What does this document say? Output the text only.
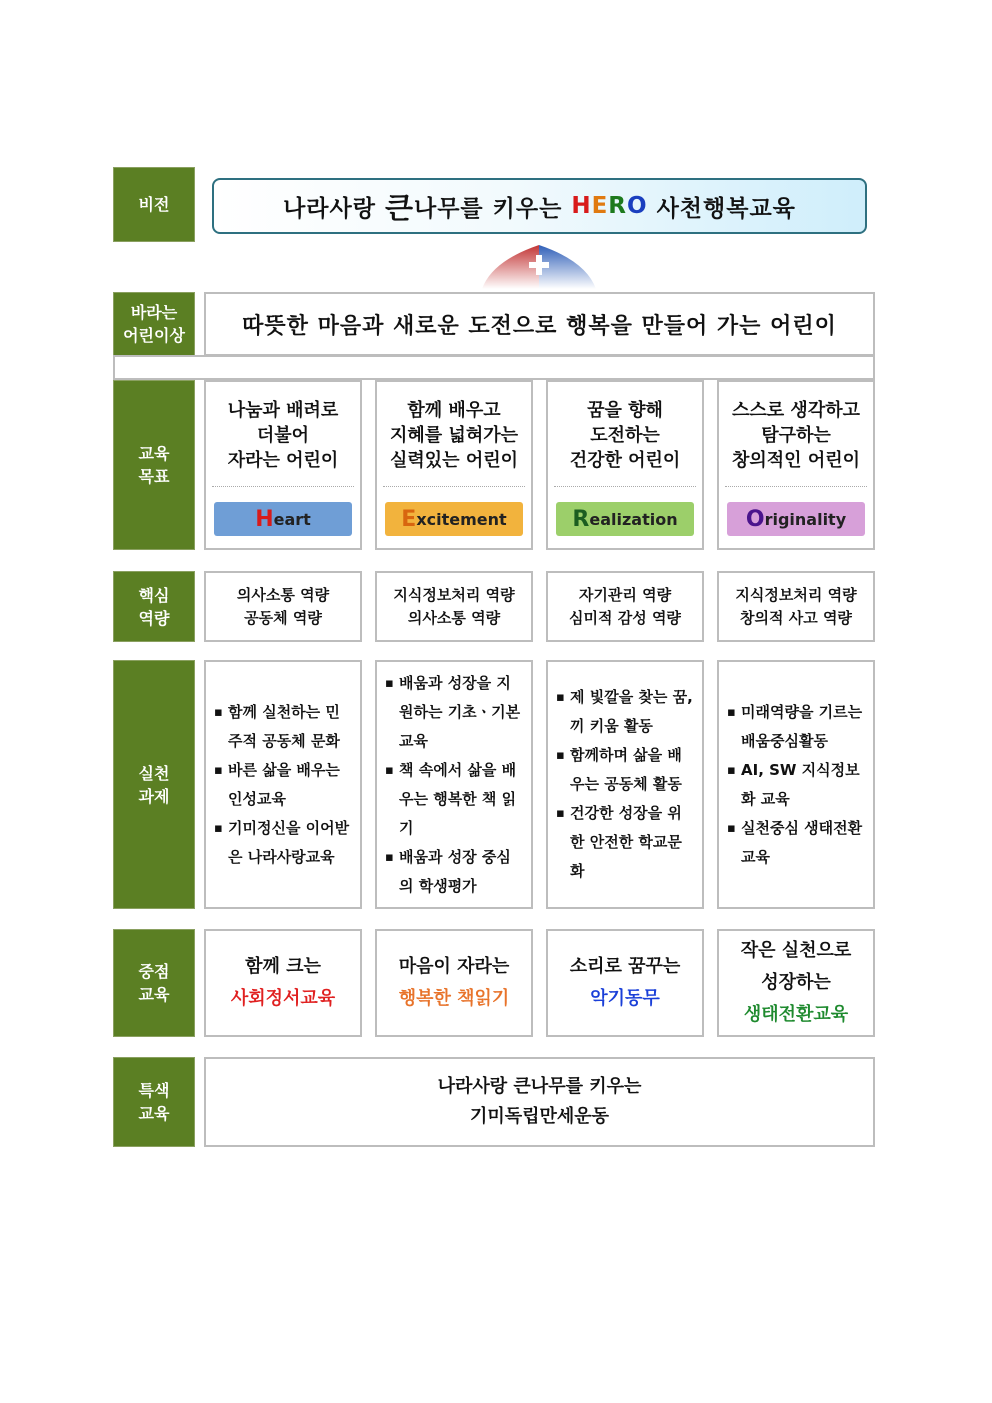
비전	나라사랑
큰 나무를 키우는
H E R O
사천행복교육
바라는
어린이상	따뜻한 마음과 새로운 도전으로 행복을 만들어 가는 어린이
교육
목표
나눔과 배려로
더불어
자라는 어린이
H eart
함께 배우고
지혜를 넓혀가는
실력있는 어린이
E xcitement
꿈을 향해
도전하는
건강한 어린이
R ealization
스스로 생각하고
탐구하는
창의적인 어린이
O riginality
핵심
역량
의사소통 역량
공동체 역량
지식정보처리 역량
의사소통 역량
자기관리 역량
심미적 감성 역량
지식정보처리 역량
창의적 사고 역량
실천
과제
▪ 함께 실천하는 민주적 공동체 문화
▪ 바른 삶을 배우는 인성교육
▪ 기미정신을 이어받은 나라사랑교육
▪ 배움과 성장을 지원하는 기초ㆍ기본교육
▪ 책 속에서 삶을 배우는 행복한 책 읽기
▪ 배움과 성장 중심의 학생평가
▪ 제 빛깔을 찾는 꿈, 끼 키움 활동
▪ 함께하며 삶을 배우는 공동체 활동
▪ 건강한 성장을 위한 안전한 학교문화
▪ 미래역량을 기르는 배움중심활동
▪ AI, SW 지식정보화 교육
▪ 실천중심 생태전환 교육
중점
교육
함께 크는
사회정서교육
마음이 자라는
행복한 책읽기
소리로 꿈꾸는
악기동무
작은 실천으로
성장하는
생태전환교육
특색
교육
나라사랑 큰나무를 키우는
기미독립만세운동
